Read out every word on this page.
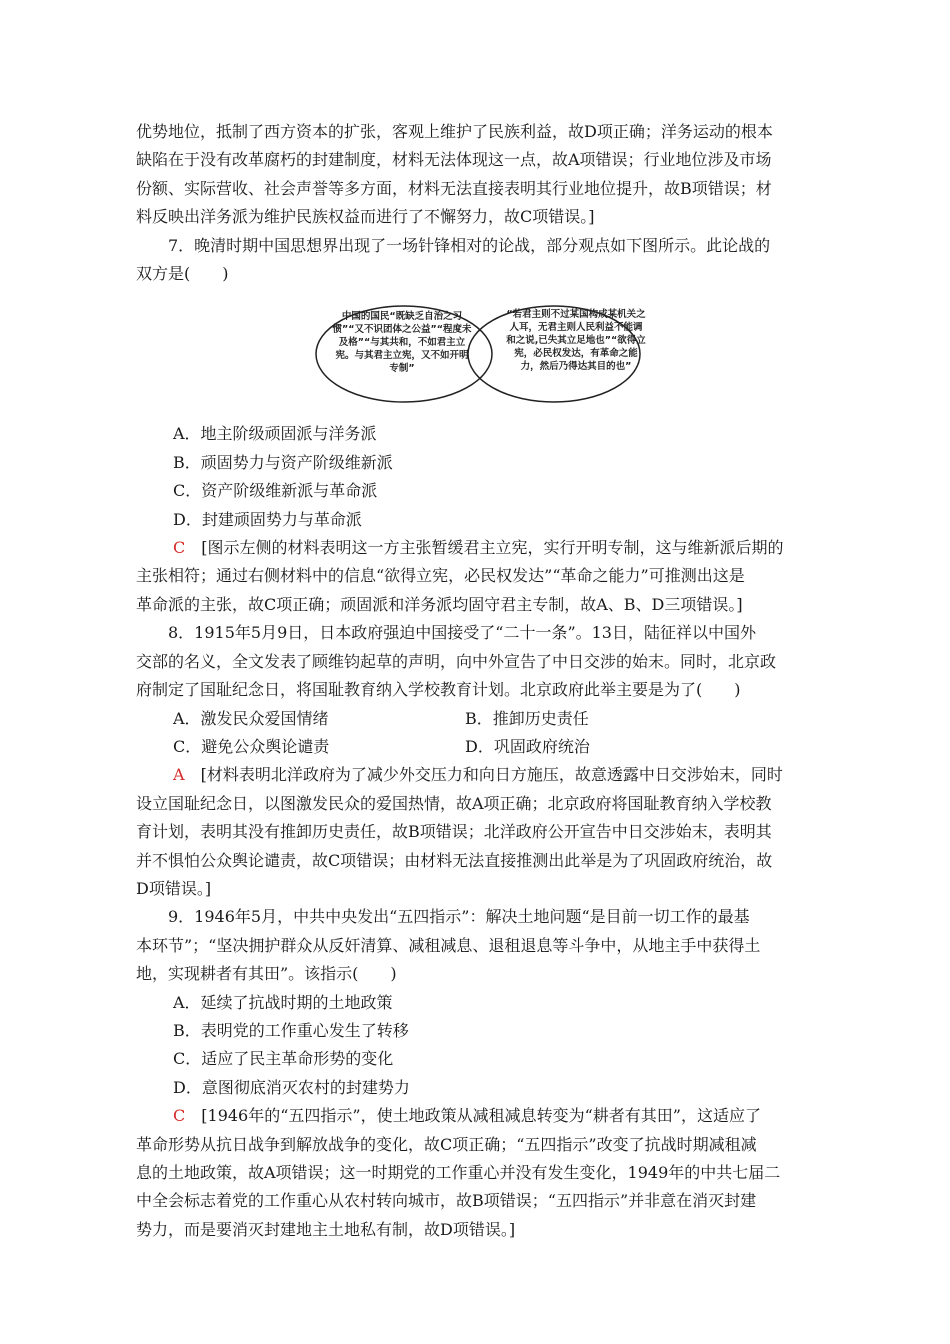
优势地位，抵制了西方资本的扩张，客观上维护了民族利益，故D项正确；洋务运动的根本

缺陷在于没有改革腐朽的封建制度，材料无法体现这一点，故A项错误；行业地位涉及市场

份额、实际营收、社会声誉等多方面，材料无法直接表明其行业地位提升，故B项错误；材

料反映出洋务派为维护民族权益而进行了不懈努力，故C项错误。]

7．晚清时期中国思想界出现了一场针锋相对的论战，部分观点如下图所示。此论战的

双方是(　　)

中国的国民“既缺乏自治之习惯”“又不识团体之公益”“程度未及格”“与其共和，不如君主立宪。与其君主立宪，又不如开明专制”
“若君主则不过某国构成某机关之人耳，无君主则人民利益不能调和之说,已失其立足地也”“欲得立宪，必民权发达，有革命之能力，然后乃得达其目的也”

A．地主阶级顽固派与洋务派

B．顽固势力与资产阶级维新派

C．资产阶级维新派与革命派

D．封建顽固势力与革命派

C　 [图示左侧的材料表明这一方主张暂缓君主立宪，实行开明专制，这与维新派后期的

主张相符；通过右侧材料中的信息“欲得立宪，必民权发达”“革命之能力”可推测出这是

革命派的主张，故C项正确；顽固派和洋务派均固守君主专制，故A、B、D三项错误。]

8．1915年5月9日，日本政府强迫中国接受了“二十一条”。13日，陆征祥以中国外

交部的名义，全文发表了顾维钧起草的声明，向中外宣告了中日交涉的始末。同时，北京政

府制定了国耻纪念日，将国耻教育纳入学校教育计划。北京政府此举主要是为了(　　)

A．激发民众爱国情绪	B．推卸历史责任
C．避免公众舆论谴责	D．巩固政府统治

A　 [材料表明北洋政府为了减少外交压力和向日方施压，故意透露中日交涉始末，同时

设立国耻纪念日，以图激发民众的爱国热情，故A项正确；北京政府将国耻教育纳入学校教

育计划，表明其没有推卸历史责任，故B项错误；北洋政府公开宣告中日交涉始末，表明其

并不惧怕公众舆论谴责，故C项错误；由材料无法直接推测出此举是为了巩固政府统治，故

D项错误。]

9．1946年5月，中共中央发出“五四指示”：解决土地问题“是目前一切工作的最基

本环节”；“坚决拥护群众从反奸清算、减租减息、退租退息等斗争中，从地主手中获得土

地，实现耕者有其田”。该指示(　　)

A．延续了抗战时期的土地政策

B．表明党的工作重心发生了转移

C．适应了民主革命形势的变化

D．意图彻底消灭农村的封建势力

C　 [1946年的“五四指示”，使土地政策从减租减息转变为“耕者有其田”，这适应了

革命形势从抗日战争到解放战争的变化，故C项正确；“五四指示”改变了抗战时期减租减

息的土地政策，故A项错误；这一时期党的工作重心并没有发生变化，1949年的中共七届二

中全会标志着党的工作重心从农村转向城市，故B项错误；“五四指示”并非意在消灭封建

势力，而是要消灭封建地主土地私有制，故D项错误。]
